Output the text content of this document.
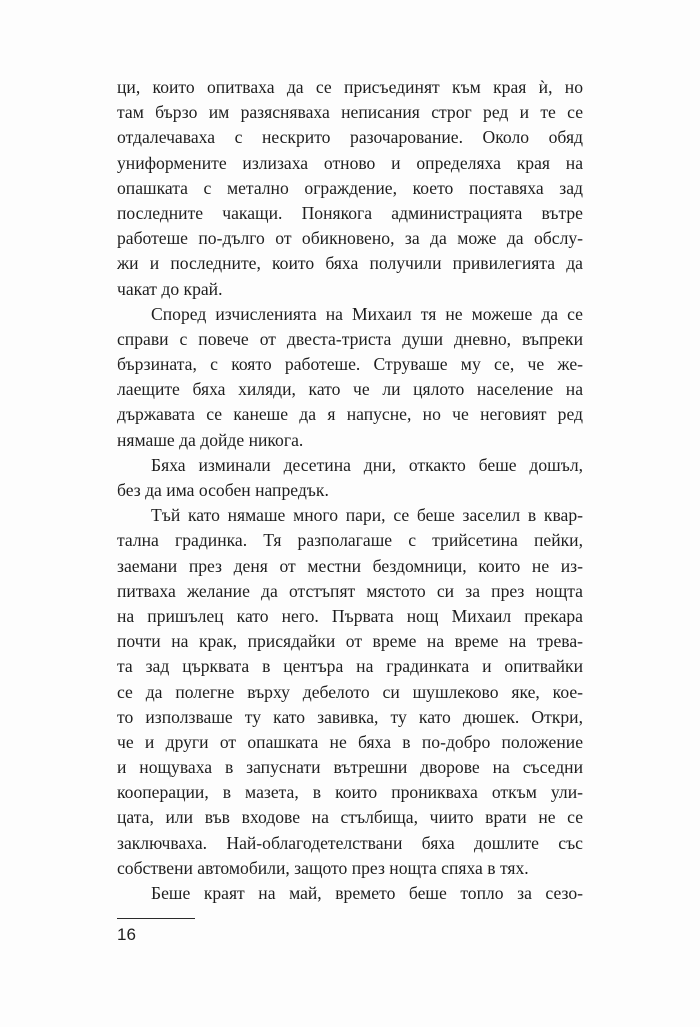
ци, които опитваха да се присъединят към края ѝ, но
там бързо им разясняваха неписания строг ред и те се
отдалечаваха с нескрито разочарование. Около обяд
униформените излизаха отново и определяха края на
опашката с метално ограждение, което поставяха зад
последните чакащи. Понякога администрацията вътре
работеше по-дълго от обикновено, за да може да обслу-
жи и последните, които бяха получили привилегията да
чакат до край.

Според изчисленията на Михаил тя не можеше да се
справи с повече от двеста-триста души дневно, въпреки
бързината, с която работеше. Струваше му се, че же-
лаещите бяха хиляди, като че ли цялото население на
държавата се канеше да я напусне, но че неговият ред
нямаше да дойде никога.

Бяха изминали десетина дни, откакто беше дошъл,
без да има особен напредък.

Тъй като нямаше много пари, се беше заселил в квар-
тална градинка. Тя разполагаше с трийсетина пейки,
заемани през деня от местни бездомници, които не из-
питваха желание да отстъпят мястото си за през нощта
на пришълец като него. Първата нощ Михаил прекара
почти на крак, присядайки от време на време на трева-
та зад църквата в центъра на градинката и опитвайки
се да полегне върху дебелото си шушлеково яке, кое-
то използваше ту като завивка, ту като дюшек. Откри,
че и други от опашката не бяха в по-добро положение
и нощуваха в запуснати вътрешни дворове на съседни
кооперации, в мазета, в които проникваха откъм ули-
цата, или във входове на стълбища, чиито врати не се
заключваха. Най-облагодетелствани бяха дошлите със
собствени автомобили, защото през нощта спяха в тях.

Беше краят на май, времето беше топло за сезо-

16
